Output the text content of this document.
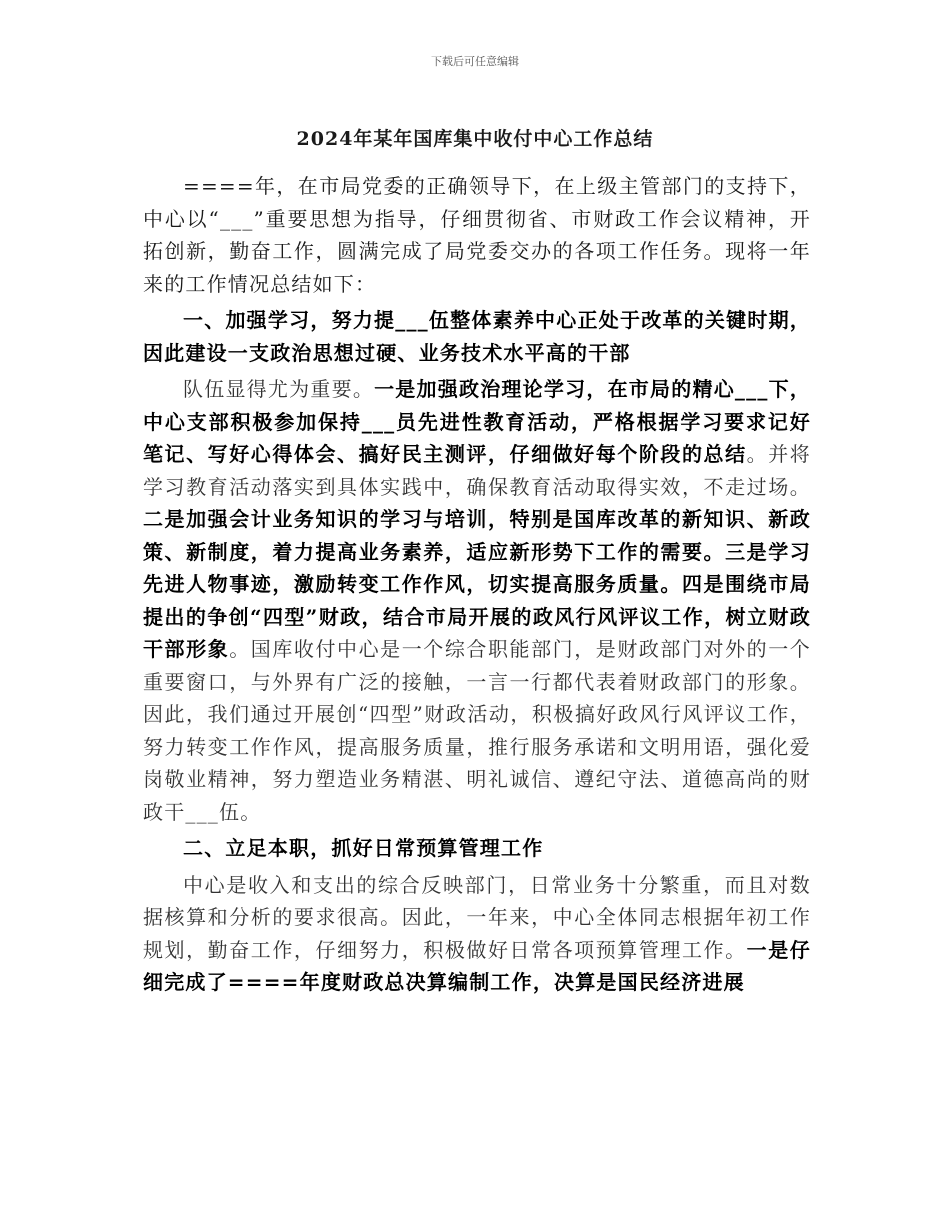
下载后可任意编辑
2024年某年国库集中收付中心工作总结

====年，在市局党委的正确领导下，在上级主管部门的支持下，中心以“___”重要思想为指导，仔细贯彻省、市财政工作会议精神，开拓创新，勤奋工作，圆满完成了局党委交办的各项工作任务。现将一年来的工作情况总结如下：

一、加强学习，努力提___伍整体素养中心正处于改革的关键时期，因此建设一支政治思想过硬、业务技术水平高的干部

队伍显得尤为重要。一是加强政治理论学习，在市局的精心___下，中心支部积极参加保持___员先进性教育活动，严格根据学习要求记好笔记、写好心得体会、搞好民主测评，仔细做好每个阶段的总结。并将学习教育活动落实到具体实践中，确保教育活动取得实效，不走过场。二是加强会计业务知识的学习与培训，特别是国库改革的新知识、新政策、新制度，着力提高业务素养，适应新形势下工作的需要。三是学习先进人物事迹，激励转变工作作风，切实提高服务质量。四是围绕市局提出的争创“四型”财政，结合市局开展的政风行风评议工作，树立财政干部形象。国库收付中心是一个综合职能部门，是财政部门对外的一个重要窗口，与外界有广泛的接触，一言一行都代表着财政部门的形象。因此，我们通过开展创“四型”财政活动，积极搞好政风行风评议工作，努力转变工作作风，提高服务质量，推行服务承诺和文明用语，强化爱岗敬业精神，努力塑造业务精湛、明礼诚信、遵纪守法、道德高尚的财政干___伍。

二、立足本职，抓好日常预算管理工作

中心是收入和支出的综合反映部门，日常业务十分繁重，而且对数据核算和分析的要求很高。因此，一年来，中心全体同志根据年初工作规划，勤奋工作，仔细努力，积极做好日常各项预算管理工作。一是仔细完成了====年度财政总决算编制工作，决算是国民经济进展
